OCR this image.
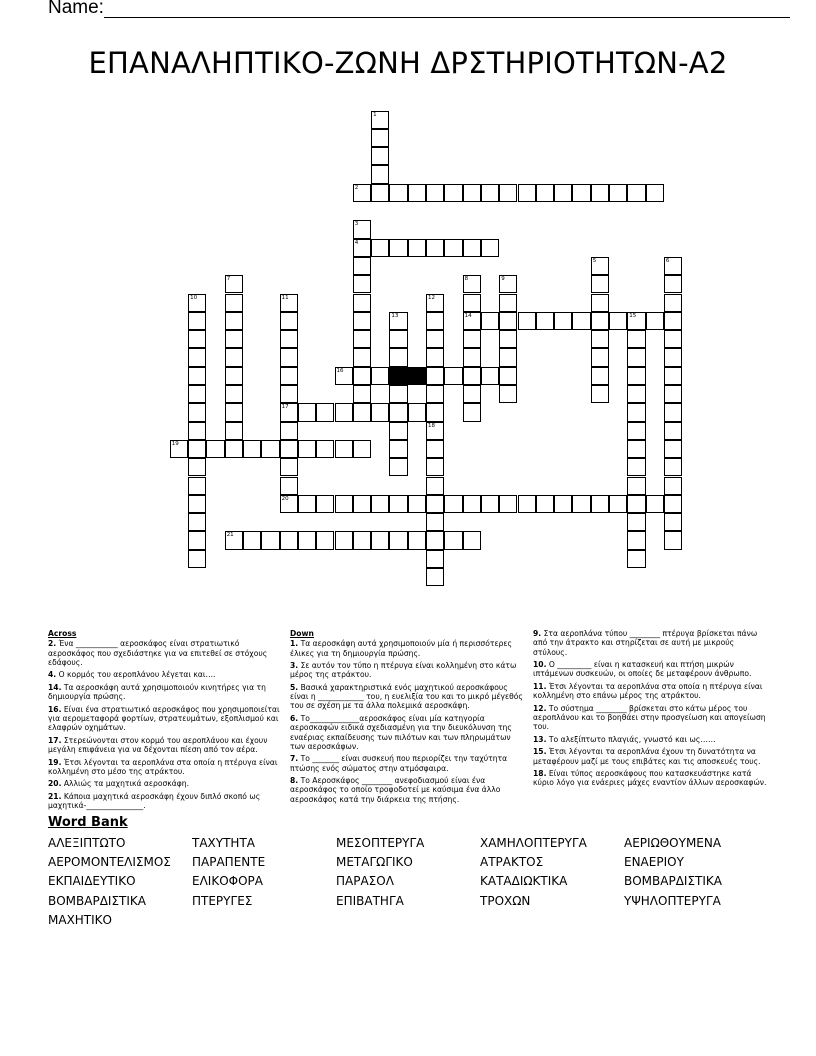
Name:
ΕΠΑΝΑΛΗΠΤΙΚΟ-ΖΩΝΗ ΔΡΣΤΗΡΙΟΤΗΤΩΝ-Α2
1
2
3
4
5	6
7	8
14
9
10	11
17
20
12
13	15
16
18
19
21
Across
2. Ένα ___________ αεροσκάφος είναι στρατιωτικό αεροσκάφος που σχεδιάστηκε για να επιτεθεί σε στόχους εδάφους.
4. Ο κορμός του αεροπλάνου λέγεται και….
14. Τα αεροσκάφη αυτά χρησιμοποιούν κινητήρες για τη δημιουργία πρώσης.
16. Είναι ένα στρατιωτικό αεροσκάφος που χρησιμοποιείται για αερομεταφορά φορτίων, στρατευμάτων, εξοπλισμού και ελαφρών οχημάτων.
17. Στερεώνονται στον κορμό του αεροπλάνου και έχουν μεγάλη επιφάνεια για να δέχονται πίεση από τον αέρα.
19. Έτσι λέγονται τα αεροπλάνα στα οποία η πτέρυγα είναι κολλημένη στο μέσο της ατράκτου.
20. Αλλιώς τα μαχητικά αεροσκάφη.
21. Κάποια μαχητικά αεροσκάφη έχουν διπλό σκοπό ως μαχητικά-_______________.
Down
1. Τα αεροσκάφη αυτά χρησιμοποιούν μία ή περισσότερες έλικες για τη δημιουργία πρώσης.
3. Σε αυτόν τον τύπο η πτέρυγα είναι κολλημένη στο κάτω μέρος της ατράκτου.
5. Βασικά χαρακτηριστικά ενός μαχητικού αεροσκάφους είναι η ____________ του, η ευελιξία του και το μικρό μέγεθός του σε σχέση με τα άλλα πολεμικά αεροσκάφη.
6. Το_____________αεροσκάφος είναι μία κατηγορία αεροσκαφών ειδικά σχεδιασμένη για την διευκόλυνση της εναέριας εκπαίδευσης των πιλότων και των πληρωμάτων των αεροσκάφων.
7. Το _______ είναι συσκευή που περιορίζει την ταχύτητα πτώσης ενός σώματος στην ατμόσφαιρα.
8. Το Αεροσκάφος ________ ανεφοδιασμού είναι ένα αεροσκάφος το οποίο τροφοδοτεί με καύσιμα ένα άλλο αεροσκάφος κατά την διάρκεια της πτήσης.
9. Στα αεροπλάνα τύπου ________ πτέρυγα βρίσκεται πάνω από την άτρακτο και στηρίζεται σε αυτή με μικρούς στύλους.
10. Ο _________ είναι η κατασκευή και πτήση μικρών ιπτάμενων συσκευών, οι οποίες δε μεταφέρουν άνθρωπο.
11. Έτσι λέγονται τα αεροπλάνα στα οποία η πτέρυγα είναι κολλημένη στο επάνω μέρος της ατράκτου.
12. Το σύστημα ________ βρίσκεται στο κάτω μέρος του αεροπλάνου και το βοηθάει στην προσγείωση και απογείωση του.
13. Το αλεξίπτωτο πλαγιάς, γνωστό και ως……
15. Έτσι λέγονται τα αεροπλάνα έχουν τη δυνατότητα να μεταφέρουν μαζί με τους επιβάτες και τις αποσκευές τους.
18. Είναι τύπος αεροσκάφους που κατασκευάστηκε κατά κύριο λόγο για ενάεριες μάχες εναντίον άλλων αεροσκαφών.
Word Bank
ΑΛΕΞΙΠΤΩΤΟ
ΑΕΡΟΜΟΝΤΕΛΙΣΜΟΣ
ΕΚΠΑΙΔΕΥΤΙΚΟ
ΒΟΜΒΑΡΔΙΣΤΙΚΑ
ΜΑΧΗΤΙΚΟ
ΤΑΧΥΤΗΤΑ
ΠΑΡΑΠΕΝΤΕ
ΕΛΙΚΟΦΟΡΑ
ΠΤΕΡΥΓΕΣ
ΜΕΣΟΠΤΕΡΥΓΑ
ΜΕΤΑΓΩΓΙΚΟ
ΠΑΡΑΣΟΛ
ΕΠΙΒΑΤΗΓΑ
ΧΑΜΗΛΟΠΤΕΡΥΓΑ
ΑΤΡΑΚΤΟΣ
ΚΑΤΑΔΙΩΚΤΙΚΑ
ΤΡΟΧΩΝ
ΑΕΡΙΩΘΟΥΜΕΝΑ
ΕΝΑΕΡΙΟΥ
ΒΟΜΒΑΡΔΙΣΤΙΚΑ
ΥΨΗΛΟΠΤΕΡΥΓΑ
